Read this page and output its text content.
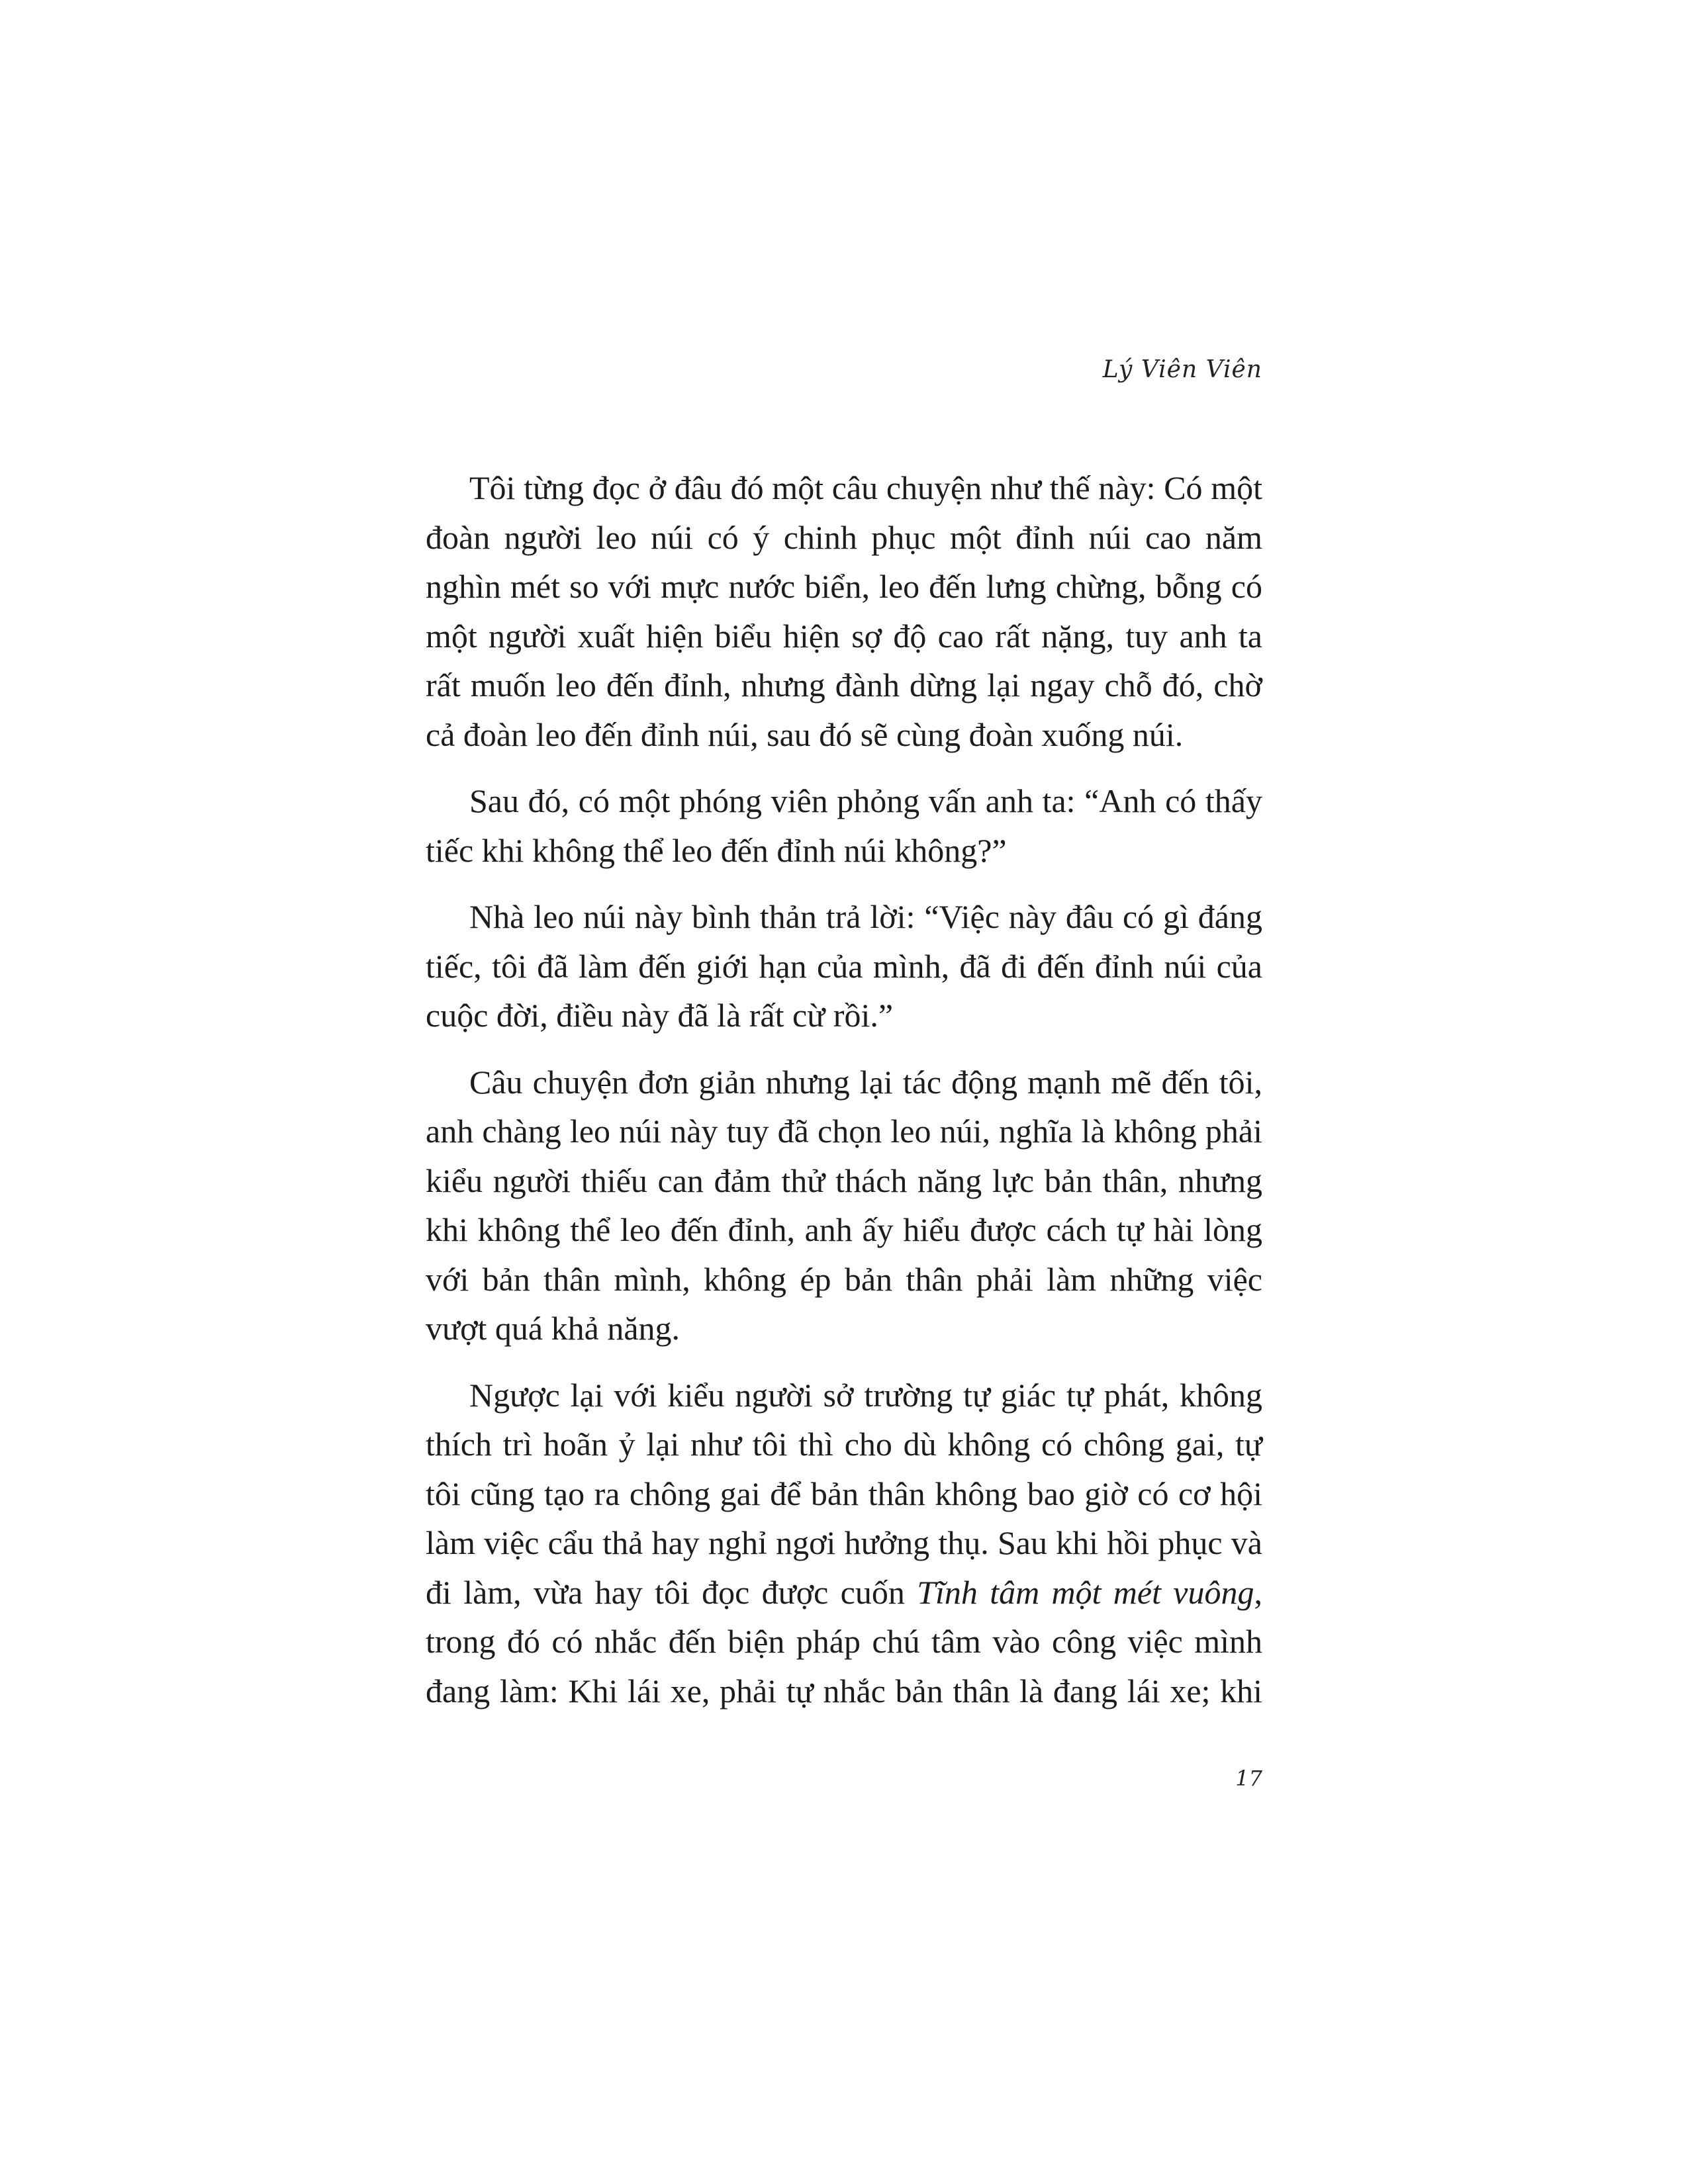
Lý Viên Viên

Tôi từng đọc ở đâu đó một câu chuyện như thế này: Có một đoàn người leo núi có ý chinh phục một đỉnh núi cao năm nghìn mét so với mực nước biển, leo đến lưng chừng, bỗng có một người xuất hiện biểu hiện sợ độ cao rất nặng, tuy anh ta rất muốn leo đến đỉnh, nhưng đành dừng lại ngay chỗ đó, chờ cả đoàn leo đến đỉnh núi, sau đó sẽ cùng đoàn xuống núi.

Sau đó, có một phóng viên phỏng vấn anh ta: “Anh có thấy tiếc khi không thể leo đến đỉnh núi không?”

Nhà leo núi này bình thản trả lời: “Việc này đâu có gì đáng tiếc, tôi đã làm đến giới hạn của mình, đã đi đến đỉnh núi của cuộc đời, điều này đã là rất cừ rồi.”

Câu chuyện đơn giản nhưng lại tác động mạnh mẽ đến tôi, anh chàng leo núi này tuy đã chọn leo núi, nghĩa là không phải kiểu người thiếu can đảm thử thách năng lực bản thân, nhưng khi không thể leo đến đỉnh, anh ấy hiểu được cách tự hài lòng với bản thân mình, không ép bản thân phải làm những việc vượt quá khả năng.

Ngược lại với kiểu người sở trường tự giác tự phát, không thích trì hoãn ỷ lại như tôi thì cho dù không có chông gai, tự tôi cũng tạo ra chông gai để bản thân không bao giờ có cơ hội làm việc cẩu thả hay nghỉ ngơi hưởng thụ. Sau khi hồi phục và đi làm, vừa hay tôi đọc được cuốn Tĩnh tâm một mét vuông, trong đó có nhắc đến biện pháp chú tâm vào công việc mình đang làm: Khi lái xe, phải tự nhắc bản thân là đang lái xe; khi

17
